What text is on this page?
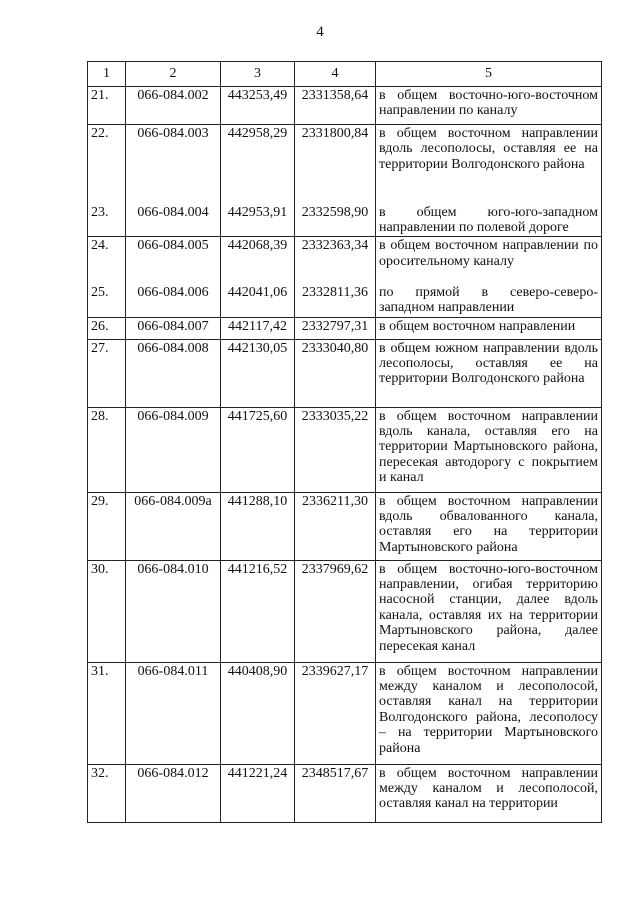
4
1	2	3	4	5
21.	066-084.002	443253,49	2331358,64	в общем восточно-юго-восточном направлении по каналу
22.	066-084.003	442958,29	2331800,84	в общем восточном направлении вдоль лесополосы, оставляя ее на территории Волгодонского района
23.	066-084.004	442953,91	2332598,90	в общем юго-юго-западном направлении по полевой дороге
24.	066-084.005	442068,39	2332363,34	в общем восточном направлении по оросительному каналу
25.	066-084.006	442041,06	2332811,36	по прямой в северо-северо-западном направлении
26.	066-084.007	442117,42	2332797,31	в общем восточном направлении
27.	066-084.008	442130,05	2333040,80	в общем южном направлении вдоль лесополосы, оставляя ее на территории Волгодонского района
28.	066-084.009	441725,60	2333035,22	в общем восточном направлении вдоль канала, оставляя его на территории Мартыновского района, пересекая автодорогу с покрытием и канал
29.	066-084.009а	441288,10	2336211,30	в общем восточном направлении вдоль обвалованного канала, оставляя его на территории Мартыновского района
30.	066-084.010	441216,52	2337969,62	в общем восточно-юго-восточном направлении, огибая территорию насосной станции, далее вдоль канала, оставляя их на территории Мартыновского района, далее пересекая канал
31.	066-084.011	440408,90	2339627,17	в общем восточном направлении между каналом и лесополосой, оставляя канал на территории Волгодонского района, лесополосу – на территории Мартыновского района
32.	066-084.012	441221,24	2348517,67	в общем восточном направлении между каналом и лесополосой, оставляя канал на территории
